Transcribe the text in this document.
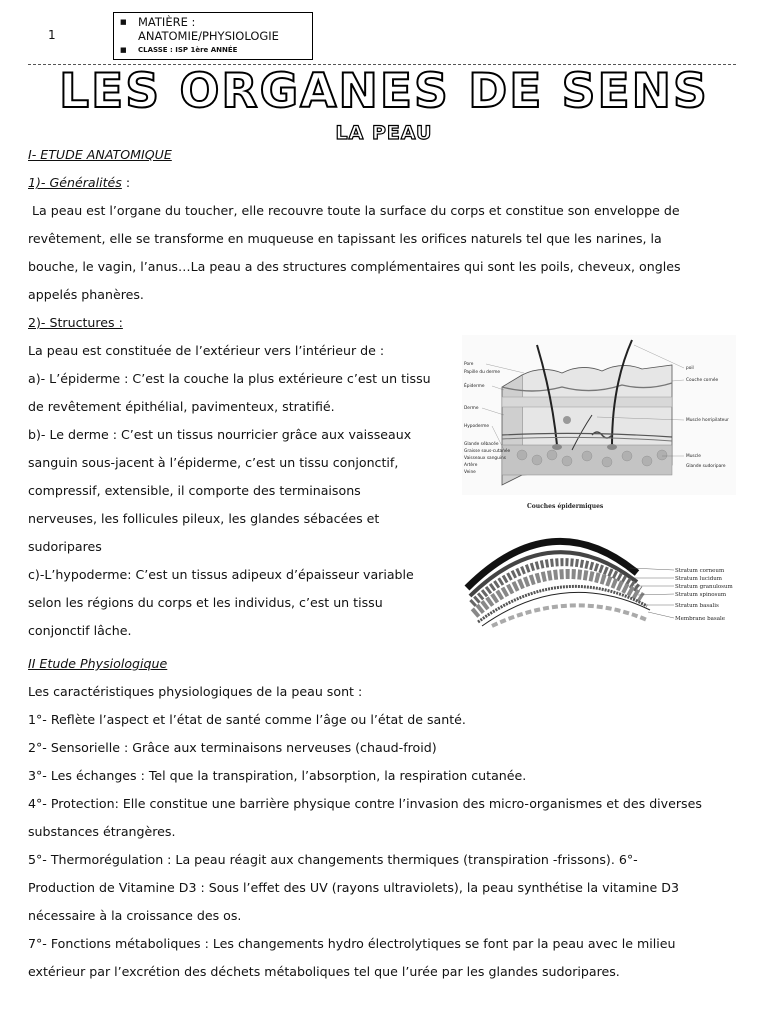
1
■ MATIÈRE :
ANATOMIE/PHYSIOLOGIE
■	CLASSE : ISP 1ère ANNÉE
LES ORGANES DE SENS
LA PEAU
I- ETUDE ANATOMIQUE
1)- Généralités :
La peau est l’organe du toucher, elle recouvre toute la surface du corps et constitue son enveloppe de
revêtement, elle se transforme en muqueuse en tapissant les orifices naturels tel que les narines, la
bouche, le vagin, l’anus…La peau a des structures complémentaires qui sont les poils, cheveux, ongles
appelés phanères.
2)- Structures :
La peau est constituée de l’extérieur vers l’intérieur de :
a)- L’épiderme : C’est la couche la plus extérieure c’est un tissu
de revêtement épithélial, pavimenteux, stratifié.
b)- Le derme : C’est un tissus nourricier grâce aux vaisseaux
sanguin sous-jacent à l’épiderme, c’est un tissu conjonctif,
compressif, extensible, il comporte des terminaisons
nerveuses, les follicules pileux, les glandes sébacées et
sudoripares
c)-L’hypoderme: C’est un tissus adipeux d’épaisseur variable
selon les régions du corps et les individus, c’est un tissu
conjonctif lâche.
Pore
Papille du derme
Épiderme
Derme
Hypoderme
Glande sébacée
Graisse sous-cutanée
Vaisseaux sanguins
Artère
Veine
poil
Couche cornée
Muscle horripilateur
Muscle
Glande sudoripare
Couches épidermiques
Stratum corneum
Stratum lucidum
Stratum granulosum
Stratum spinosum
Stratum basalis
Membrane basale
II Etude Physiologique
Les caractéristiques physiologiques de la peau sont :
1°- Reflète l’aspect et l’état de santé comme l’âge ou l’état de santé.
2°- Sensorielle : Grâce aux terminaisons nerveuses (chaud-froid)
3°- Les échanges : Tel que la transpiration, l’absorption, la respiration cutanée.
4°- Protection: Elle constitue une barrière physique contre l’invasion des micro-organismes et des diverses
substances étrangères.
5°- Thermorégulation : La peau réagit aux changements thermiques (transpiration -frissons). 6°-
Production de Vitamine D3 : Sous l’effet des UV (rayons ultraviolets), la peau synthétise la vitamine D3
nécessaire à la croissance des os.
7°- Fonctions métaboliques : Les changements hydro électrolytiques se font par la peau avec le milieu
extérieur par l’excrétion des déchets métaboliques tel que l’urée par les glandes sudoripares.
